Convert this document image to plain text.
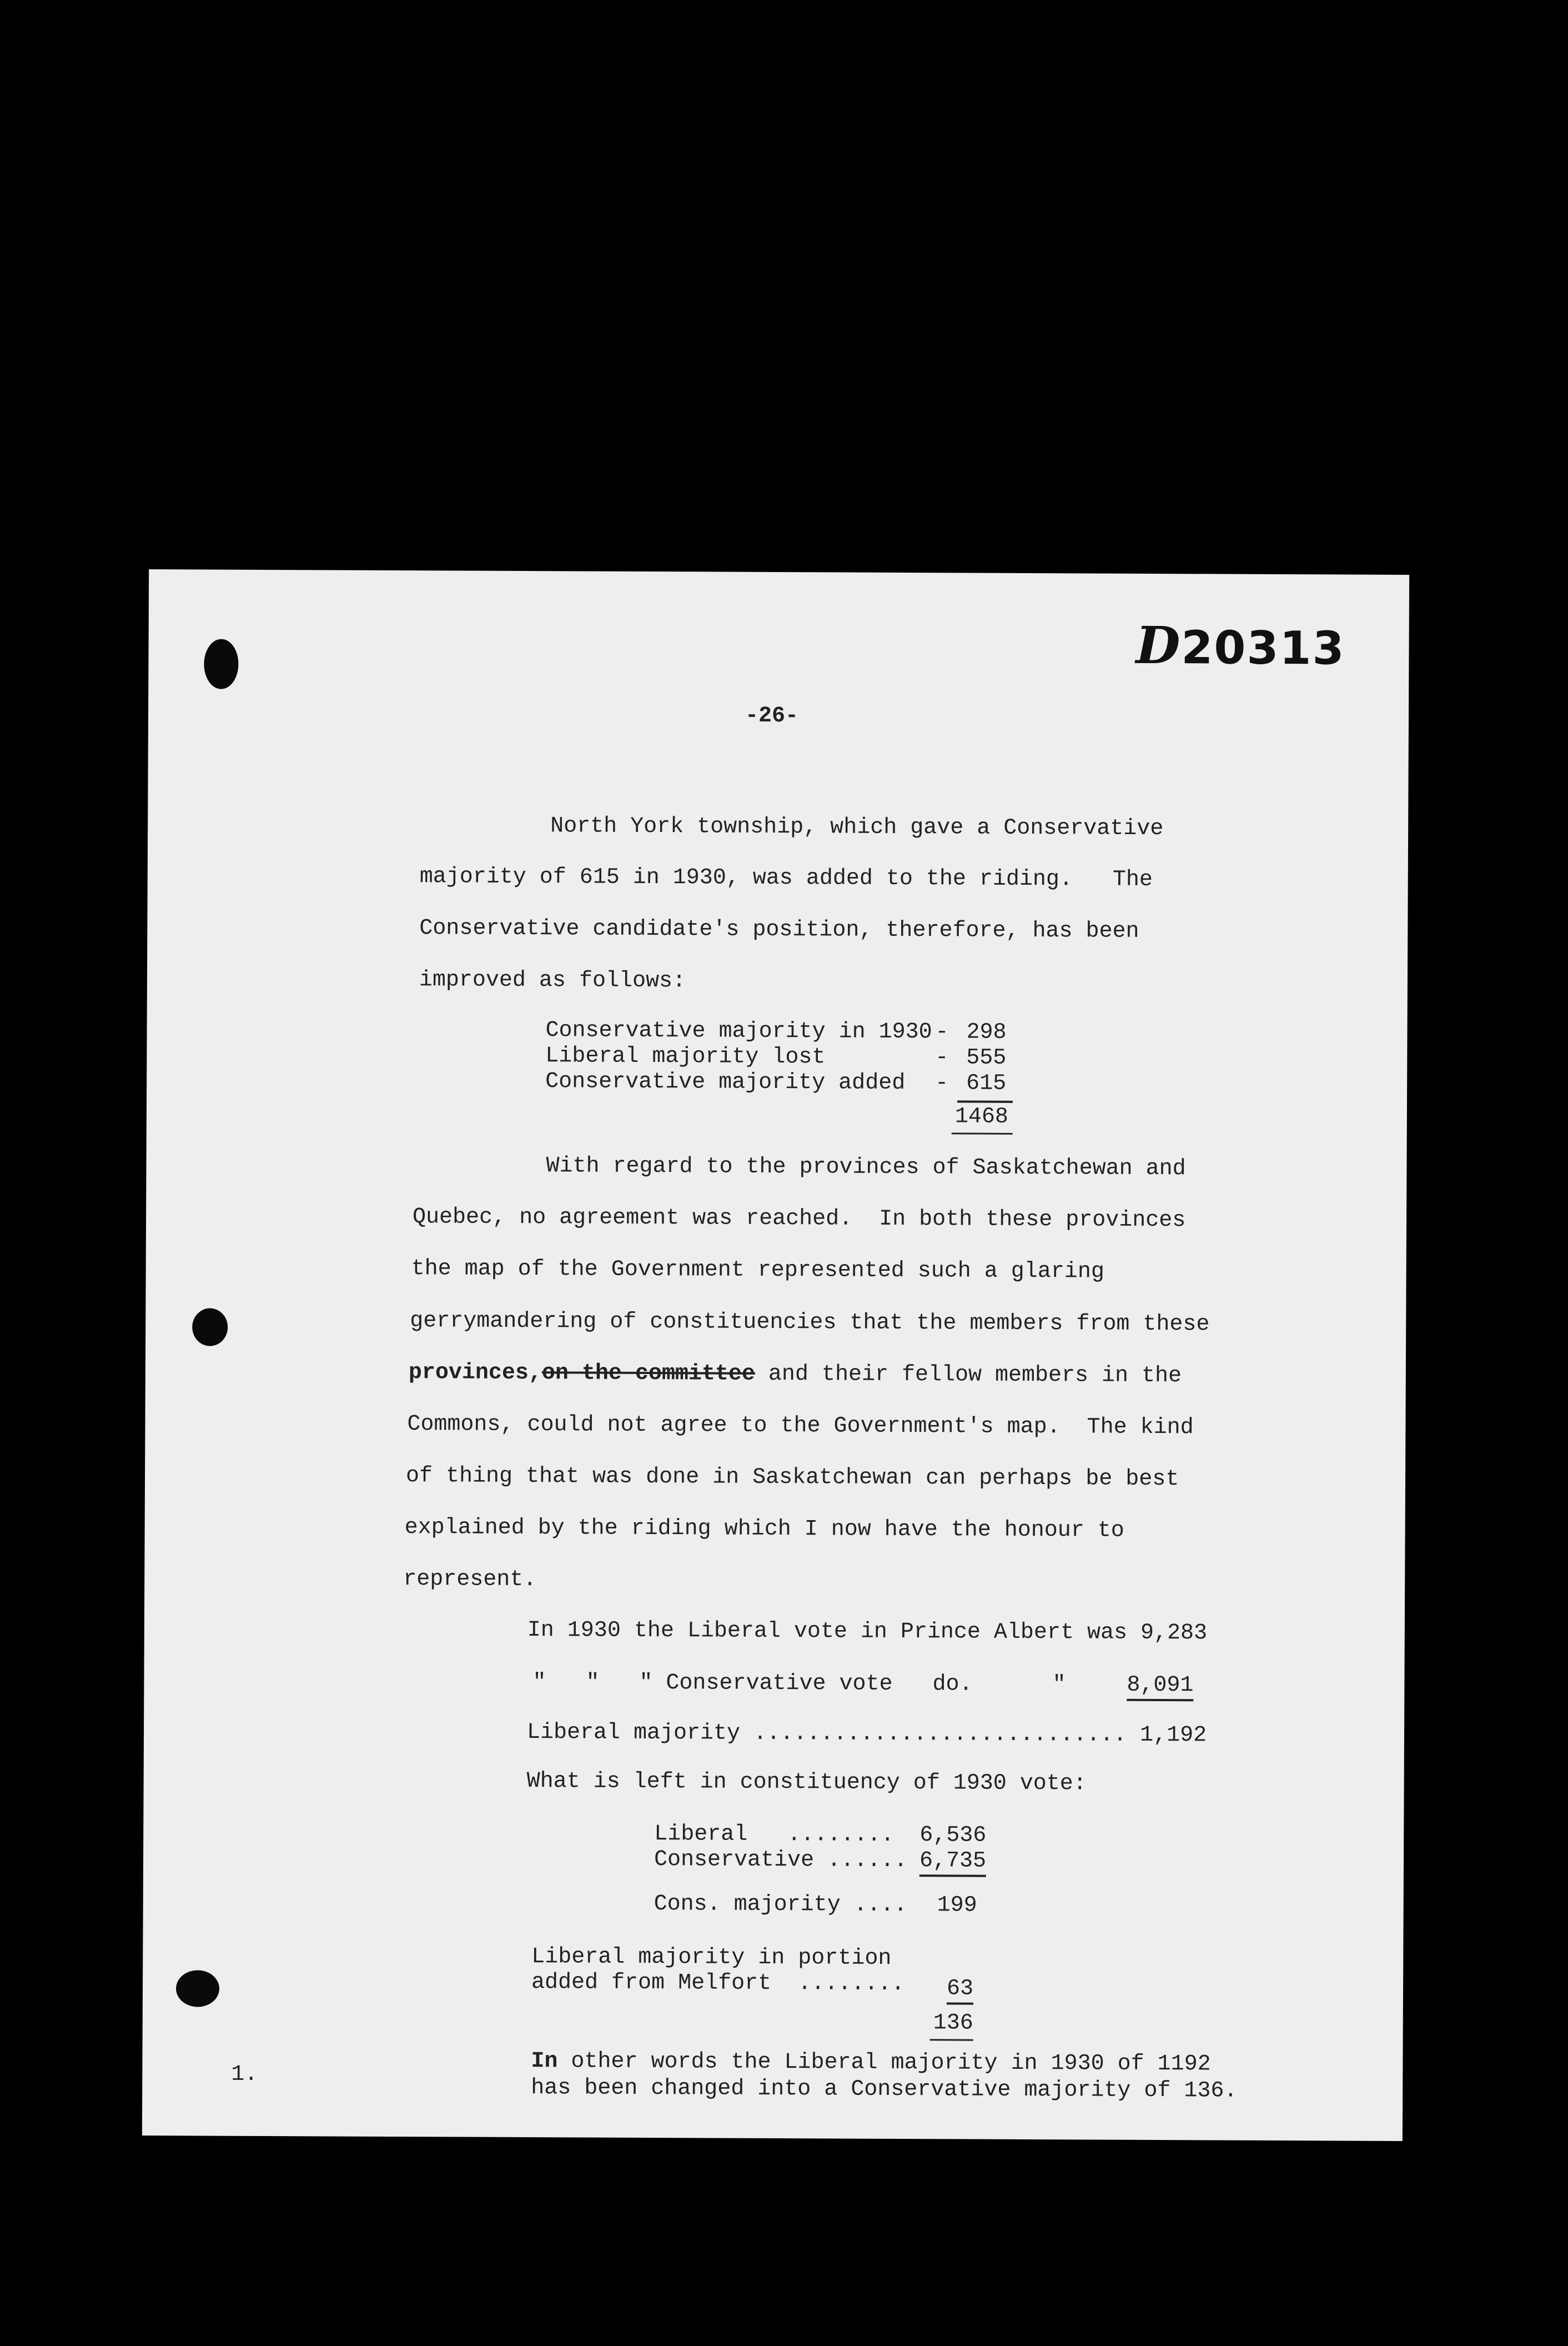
D20313
-26-
North York township, which gave a Conservative
majority of 615 in 1930, was added to the riding.   The
Conservative candidate's position, therefore, has been
improved as follows:
Conservative majority in 1930 - 298
Liberal majority lost	- 555
Conservative majority added - 615
1468
With regard to the provinces of Saskatchewan and
Quebec, no agreement was reached.  In both these provinces
the map of the Government represented such a glaring
gerrymandering of constituencies that the members from these
provinces,on the committee and their fellow members in the
Commons, could not agree to the Government's map.  The kind
of thing that was done in Saskatchewan can perhaps be best
explained by the riding which I now have the honour to
represent.
In 1930 the Liberal vote in Prince Albert was 9,283
"   "   " Conservative vote   do.      "	8,091
Liberal majority ............................ 1,192
What is left in constituency of 1930 vote:
Liberal   ........ 6,536
Conservative ...... 6,735
Cons. majority .... 199
Liberal majority in portion
added from Melfort  ........ 63
136
In other words the Liberal majority in 1930 of 1192
has been changed into a Conservative majority of 136.
1.
